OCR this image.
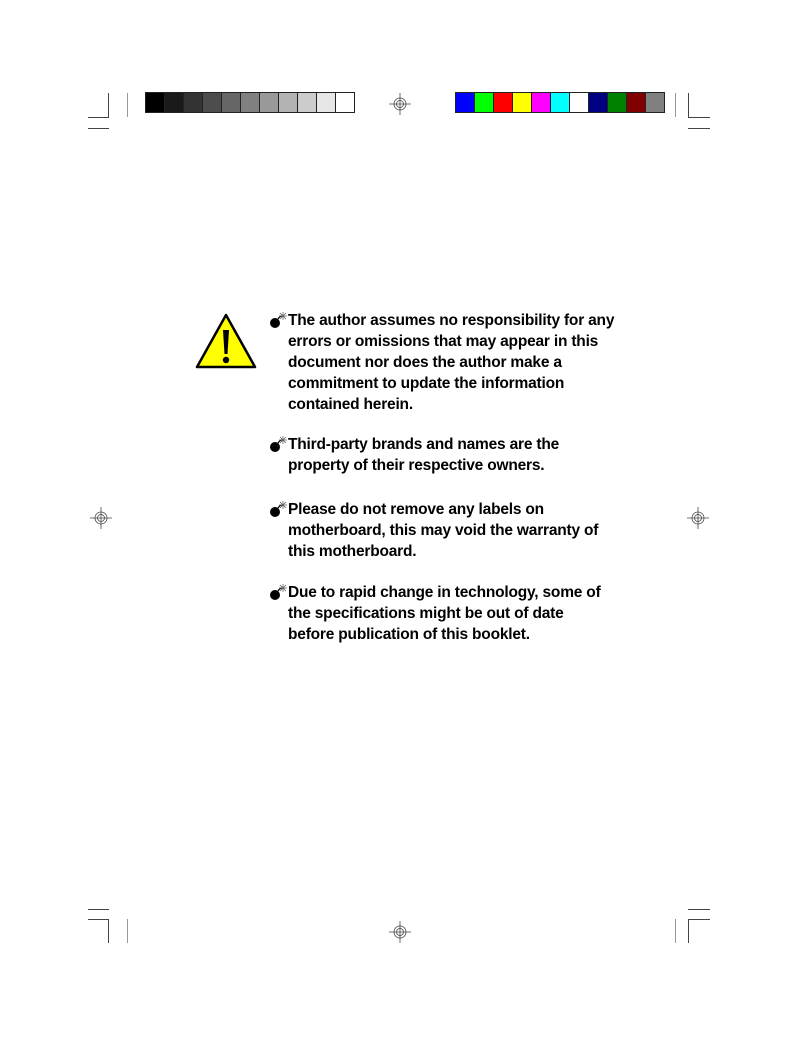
The author assumes no responsibility for any
errors or omissions that may appear in this
document nor does the author make a
commitment to update the information
contained herein.
Third-party brands and names are the
property of their respective owners.
Please do not remove any labels on
motherboard, this may void the warranty of
this motherboard.
Due to rapid change in technology, some of
the specifications might be out of date
before publication of this booklet.
